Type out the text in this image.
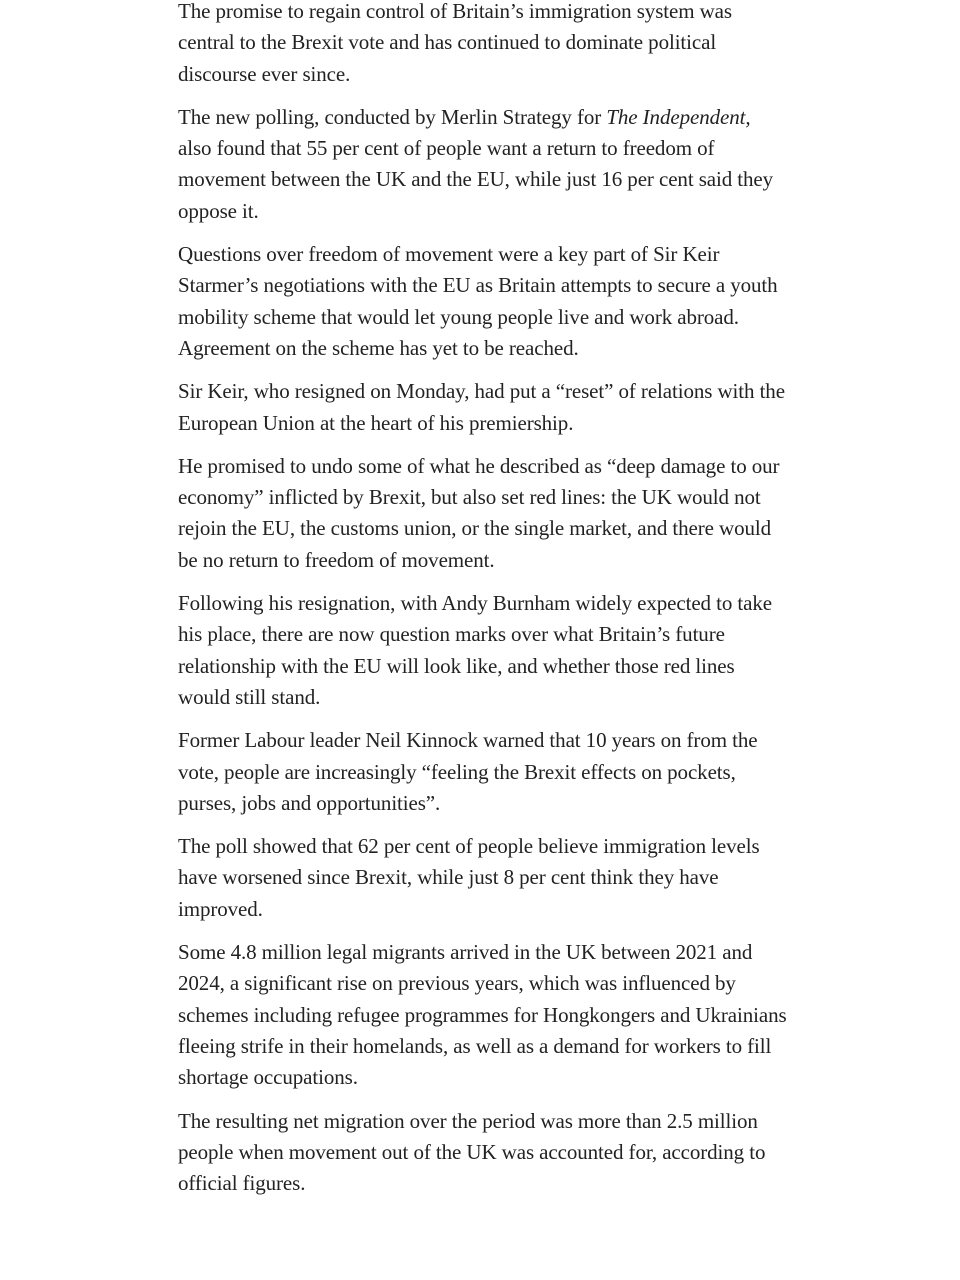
The promise to regain control of Britain’s immigration system was central to the Brexit vote and has continued to dominate political discourse ever since.

The new polling, conducted by Merlin Strategy for The Independent, also found that 55 per cent of people want a return to freedom of movement between the UK and the EU, while just 16 per cent said they oppose it.

Questions over freedom of movement were a key part of Sir Keir Starmer’s negotiations with the EU as Britain attempts to secure a youth mobility scheme that would let young people live and work abroad. Agreement on the scheme has yet to be reached.

Sir Keir, who resigned on Monday, had put a “reset” of relations with the European Union at the heart of his premiership.

He promised to undo some of what he described as “deep damage to our economy” inflicted by Brexit, but also set red lines: the UK would not rejoin the EU, the customs union, or the single market, and there would be no return to freedom of movement.

Following his resignation, with Andy Burnham widely expected to take his place, there are now question marks over what Britain’s future relationship with the EU will look like, and whether those red lines would still stand.

Former Labour leader Neil Kinnock warned that 10 years on from the vote, people are increasingly “feeling the Brexit effects on pockets, purses, jobs and opportunities”.

The poll showed that 62 per cent of people believe immigration levels have worsened since Brexit, while just 8 per cent think they have improved.

Some 4.8 million legal migrants arrived in the UK between 2021 and 2024, a significant rise on previous years, which was influenced by schemes including refugee programmes for Hongkongers and Ukrainians fleeing strife in their homelands, as well as a demand for workers to fill shortage occupations.

The resulting net migration over the period was more than 2.5 million people when movement out of the UK was accounted for, according to official figures.
